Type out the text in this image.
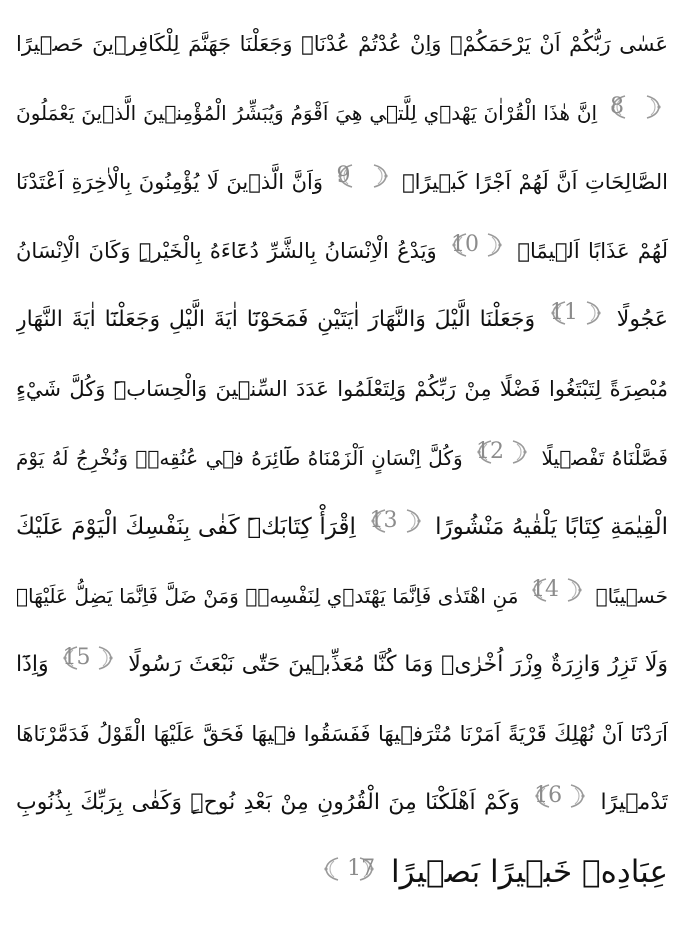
عَسٰى رَبُّكُمْ اَنْ يَرْحَمَكُمْۚ وَاِنْ عُدْتُمْ عُدْنَاۢ وَجَعَلْنَا جَهَنَّمَ لِلْكَافِر۪ينَ حَص۪يرًا
8
اِنَّ هٰذَا الْقُرْاٰنَ يَهْد۪ي لِلَّت۪ي هِيَ اَقْوَمُ وَيُبَشِّرُ الْمُؤْمِن۪ينَ الَّذ۪ينَ يَعْمَلُونَ
الصَّالِحَاتِ اَنَّ لَهُمْ اَجْرًا كَب۪يرًاۙ
9
وَاَنَّ الَّذ۪ينَ لَا يُؤْمِنُونَ بِالْاٰخِرَةِ اَعْتَدْنَا
لَهُمْ عَذَابًا اَل۪يمًا۟
10
وَيَدْعُ الْاِنْسَانُ بِالشَّرِّ دُعَٓاءَهُ بِالْخَيْرِۜ وَكَانَ الْاِنْسَانُ
عَجُولًا
11
وَجَعَلْنَا الَّيْلَ وَالنَّهَارَ اٰيَتَيْنِ فَمَحَوْنَٓا اٰيَةَ الَّيْلِ وَجَعَلْنَٓا اٰيَةَ النَّهَارِ
مُبْصِرَةً لِتَبْتَغُوا فَضْلًا مِنْ رَبِّكُمْ وَلِتَعْلَمُوا عَدَدَ السِّن۪ينَ وَالْحِسَابَۜ وَكُلَّ شَيْءٍ
فَصَّلْنَاهُ تَفْص۪يلًا
12
وَكُلَّ اِنْسَانٍ اَلْزَمْنَاهُ طَٓائِرَهُ ف۪ي عُنُقِه۪ۜ وَنُخْرِجُ لَهُ يَوْمَ
الْقِيٰمَةِ كِتَابًا يَلْقٰيهُ مَنْشُورًا
13
اِقْرَأْ كِتَابَكَۜ كَفٰى بِنَفْسِكَ الْيَوْمَ عَلَيْكَ
حَس۪يبًاۜ
14
مَنِ اهْتَدٰى فَاِنَّمَا يَهْتَد۪ي لِنَفْسِه۪ۚ وَمَنْ ضَلَّ فَاِنَّمَا يَضِلُّ عَلَيْهَاۜ
وَلَا تَزِرُ وَازِرَةٌ وِزْرَ اُخْرٰىۜ وَمَا كُنَّا مُعَذِّب۪ينَ حَتّٰى نَبْعَثَ رَسُولًا
15
وَاِذَٓا
اَرَدْنَٓا اَنْ نُهْلِكَ قَرْيَةً اَمَرْنَا مُتْرَف۪يهَا فَفَسَقُوا ف۪يهَا فَحَقَّ عَلَيْهَا الْقَوْلُ فَدَمَّرْنَاهَا
تَدْم۪يرًا
16
وَكَمْ اَهْلَكْنَا مِنَ الْقُرُونِ مِنْ بَعْدِ نُوحٍۜ وَكَفٰى بِرَبِّكَ بِذُنُوبِ
عِبَادِه۪ خَب۪يرًا بَص۪يرًا
17
